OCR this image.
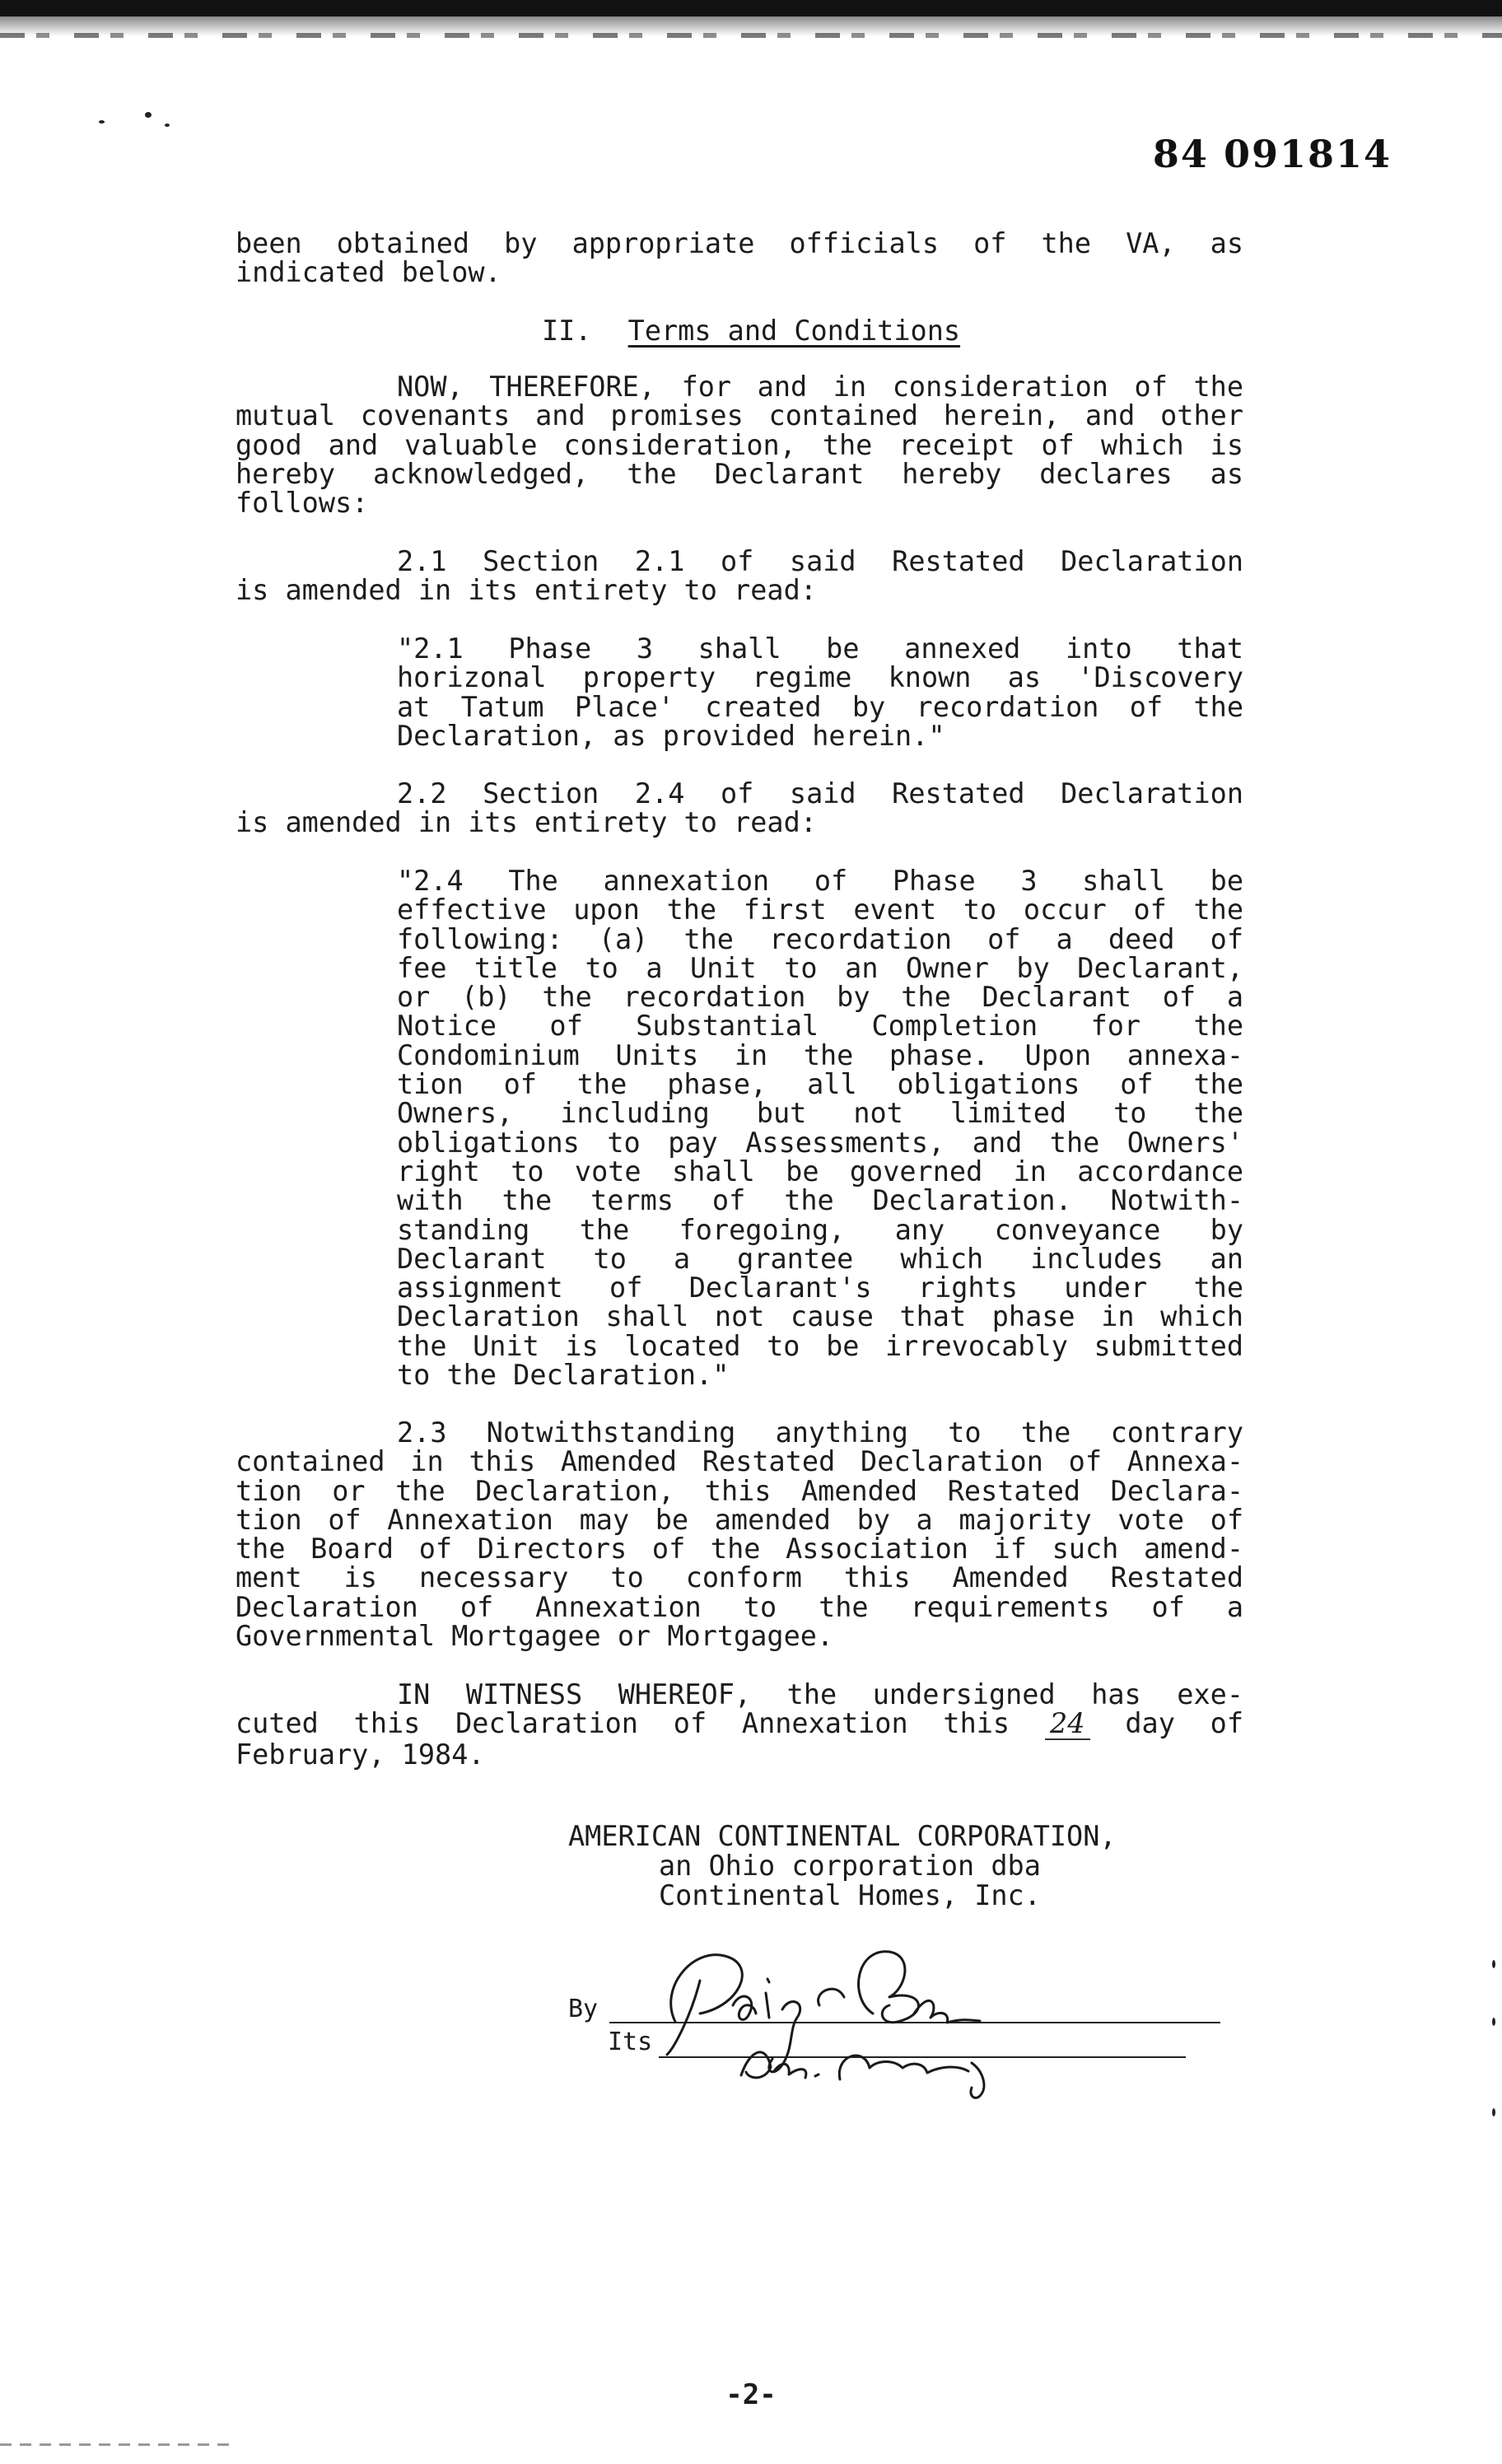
84 091814
been obtained by appropriate officials of the VA, as
indicated below.
II. Terms and Conditions
NOW, THEREFORE, for and in consideration of the
mutual covenants and promises contained herein, and other
good and valuable consideration, the receipt of which is
hereby acknowledged, the Declarant hereby declares as
follows:
2.1 Section 2.1 of said Restated Declaration
is amended in its entirety to read:
"2.1 Phase 3 shall be annexed into that
horizonal property regime known as 'Discovery
at Tatum Place' created by recordation of the
Declaration, as provided herein."
2.2 Section 2.4 of said Restated Declaration
is amended in its entirety to read:
"2.4 The annexation of Phase 3 shall be
effective upon the first event to occur of the
following: (a) the recordation of a deed of
fee title to a Unit to an Owner by Declarant,
or (b) the recordation by the Declarant of a
Notice of Substantial Completion for the
Condominium Units in the phase. Upon annexa-
tion of the phase, all obligations of the
Owners, including but not limited to the
obligations to pay Assessments, and the Owners'
right to vote shall be governed in accordance
with the terms of the Declaration. Notwith-
standing the foregoing, any conveyance by
Declarant to a grantee which includes an
assignment of Declarant's rights under the
Declaration shall not cause that phase in which
the Unit is located to be irrevocably submitted
to the Declaration."
2.3 Notwithstanding anything to the contrary
contained in this Amended Restated Declaration of Annexa-
tion or the Declaration, this Amended Restated Declara-
tion of Annexation may be amended by a majority vote of
the Board of Directors of the Association if such amend-
ment is necessary to conform this Amended Restated
Declaration of Annexation to the requirements of a
Governmental Mortgagee or Mortgagee.
IN WITNESS WHEREOF, the undersigned has exe-
cuted this Declaration of Annexation this 24 day of
February, 1984.
AMERICAN CONTINENTAL CORPORATION,
an Ohio corporation dba
Continental Homes, Inc.
By
Its
-2-
